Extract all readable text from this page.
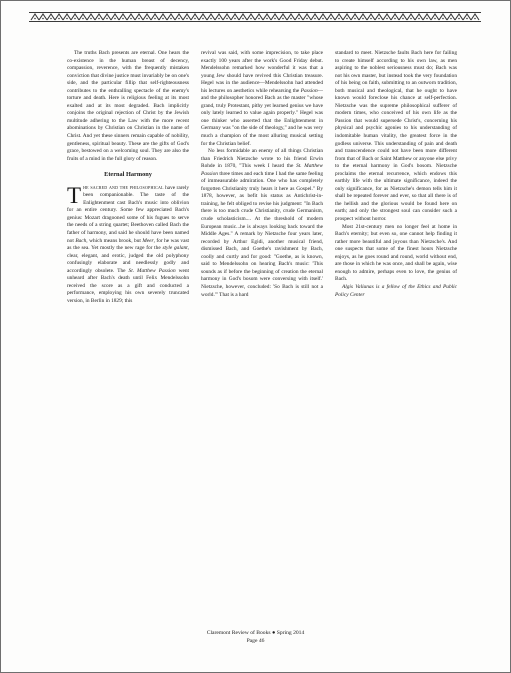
The truths Bach presents are eternal. One hears the co-existence in the human breast of decency, compassion, reverence, with the frequently mistaken conviction that divine justice must invariably be on one's side, and the particular fillip that self-righteousness contributes to the enthralling spectacle of the enemy's torture and death. Here is religious feeling at its most exalted and at its most degraded. Bach implicitly conjoins the original rejection of Christ by the Jewish multitude adhering to the Law with the more recent abominations by Christian on Christian in the name of Christ. And yet these sinners remain capable of nobility, gentleness, spiritual beauty. These are the gifts of God's grace, bestowed on a welcoming soul. They are also the fruits of a mind in the full glory of reason.

Eternal Harmony

The sacred and the philosophical have rarely been companionable. The taste of the Enlightenment cast Bach's music into oblivion for an entire century. Some few appreciated Bach's genius: Mozart dragooned some of his fugues to serve the needs of a string quartet; Beethoven called Bach the father of harmony, and said he should have been named not Bach, which means brook, but Meer, for he was vast as the sea. Yet mostly the new rage for the style galant, clear, elegant, and erotic, judged the old polyphony confusingly elaborate and needlessly godly and accordingly obsolete. The St. Matthew Passion went unheard after Bach's death until Felix Mendelssohn received the score as a gift and conducted a performance, employing his own severely truncated version, in Berlin in 1829; this

revival was said, with some imprecision, to take place exactly 100 years after the work's Good Friday debut. Mendelssohn remarked how wonderful it was that a young Jew should have revived this Christian treasure. Hegel was in the audience—Mendelssohn had attended his lectures on aesthetics while rehearsing the Passion—and the philosopher honored Bach as the master "whose grand, truly Protestant, pithy yet learned genius we have only lately learned to value again properly." Hegel was one thinker who asserted that the Enlightenment in Germany was "on the side of theology," and he was very much a champion of the most alluring musical setting for the Christian belief.

No less formidable an enemy of all things Christian than Friedrich Nietzsche wrote to his friend Erwin Rohde in 1870, "This week I heard the St. Matthew Passion three times and each time I had the same feeling of immeasurable admiration. One who has completely forgotten Christianity truly hears it here as Gospel." By 1878, however, as befit his status as Antichrist-in-training, he felt obliged to revise his judgment: "In Bach there is too much crude Christianity, crude Germanism, crude scholasticism.... At the threshold of modern European music...he is always looking back toward the Middle Ages." A remark by Nietzsche four years later, recorded by Arthur Egidi, another musical friend, dismissed Bach, and Goethe's ravishment by Bach, coolly and curtly and for good: "Goethe, as is known, said to Mendelssohn on hearing Bach's music: 'This sounds as if before the beginning of creation the eternal harmony in God's bosom were conversing with itself.' Nietzsche, however, concluded: 'So Bach is still not a world.'" That is a hard

standard to meet. Nietzsche faults Bach here for failing to create himself according to his own law, as men aspiring to the noblest seriousness must do; Bach was not his own master, but instead took the very foundation of his being on faith, submitting to an outworn tradition, both musical and theological, that he ought to have known would foreclose his chance at self-perfection. Nietzsche was the supreme philosophical sufferer of modern times, who conceived of his own life as the Passion that would supersede Christ's, concerning his physical and psychic agonies to his understanding of indomitable human vitality, the greatest force in the godless universe. This understanding of pain and death and transcendence could not have been more different from that of Bach or Saint Matthew or anyone else privy to the eternal harmony in God's bosom. Nietzsche proclaims the eternal recurrence, which endows this earthly life with the ultimate significance, indeed the only significance, for as Nietzsche's demon tells him it shall be repeated forever and ever, so that all there is of the hellish and the glorious would be found here on earth; and only the strongest soul can consider such a prospect without horror.

Most 21st-century men no longer feel at home in Bach's eternity; but even so, one cannot help finding it rather more beautiful and joyous than Nietzsche's. And one suspects that some of the finest hours Nietzsche enjoys, as he goes round and round, world without end, are those in which he was once, and shall be again, wise enough to admire, perhaps even to love, the genius of Bach.

Algis Valiunas is a fellow of the Ethics and Public Policy Center

Claremont Review of Books ● Spring 2014
Page 46
